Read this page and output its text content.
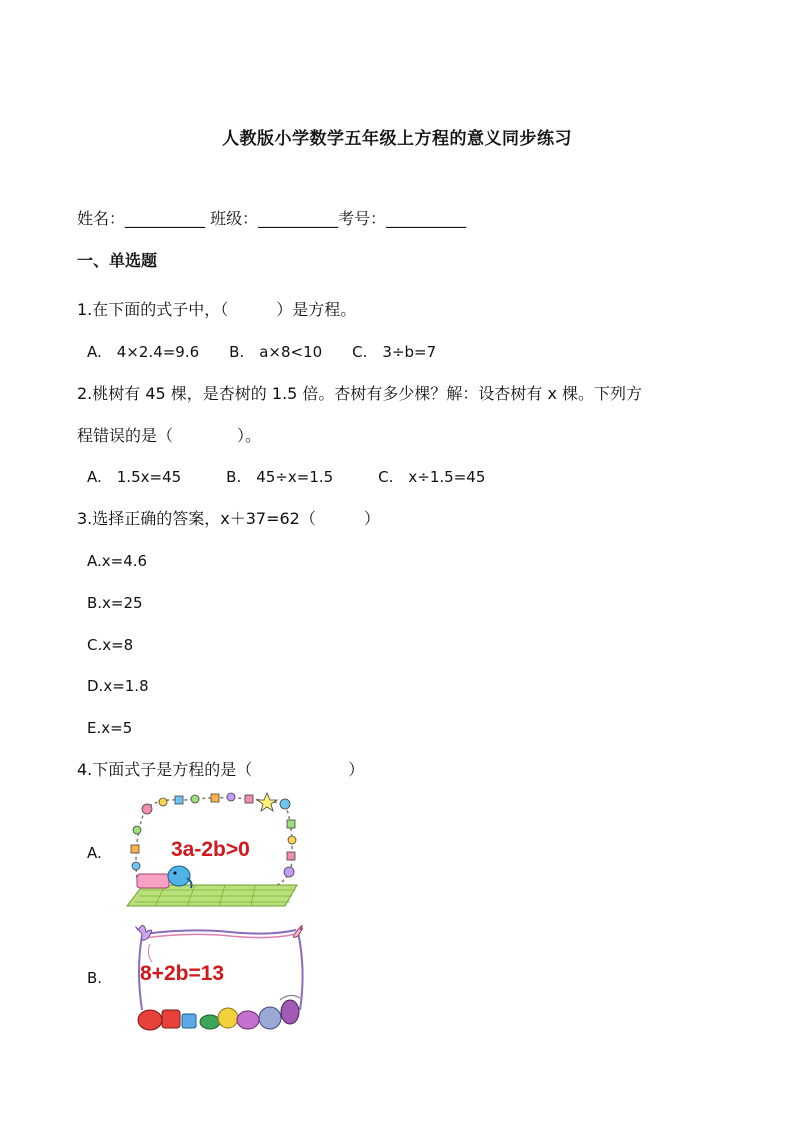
人教版小学数学五年级上方程的意义同步练习
姓名：__________ 班级：__________考号：__________
一、单选题
1.在下面的式子中，（　　　）是方程。
A.　4×2.4=9.6　　B.　a×8<10　　C.　3÷b=7
2.桃树有 45 棵，是杏树的 1.5 倍。杏树有多少棵？解：设杏树有 x 棵。下列方
程错误的是（　　　　）。
A.　1.5x=45　　　B.　45÷x=1.5　　　C.　x÷1.5=45
3.选择正确的答案，x＋37=62（　　　）
A.x=4.6
B.x=25
C.x=8
D.x=1.8
E.x=5
4.下面式子是方程的是（　　　　　　）
A.	3a-2b>0
B. 8+2b=13
